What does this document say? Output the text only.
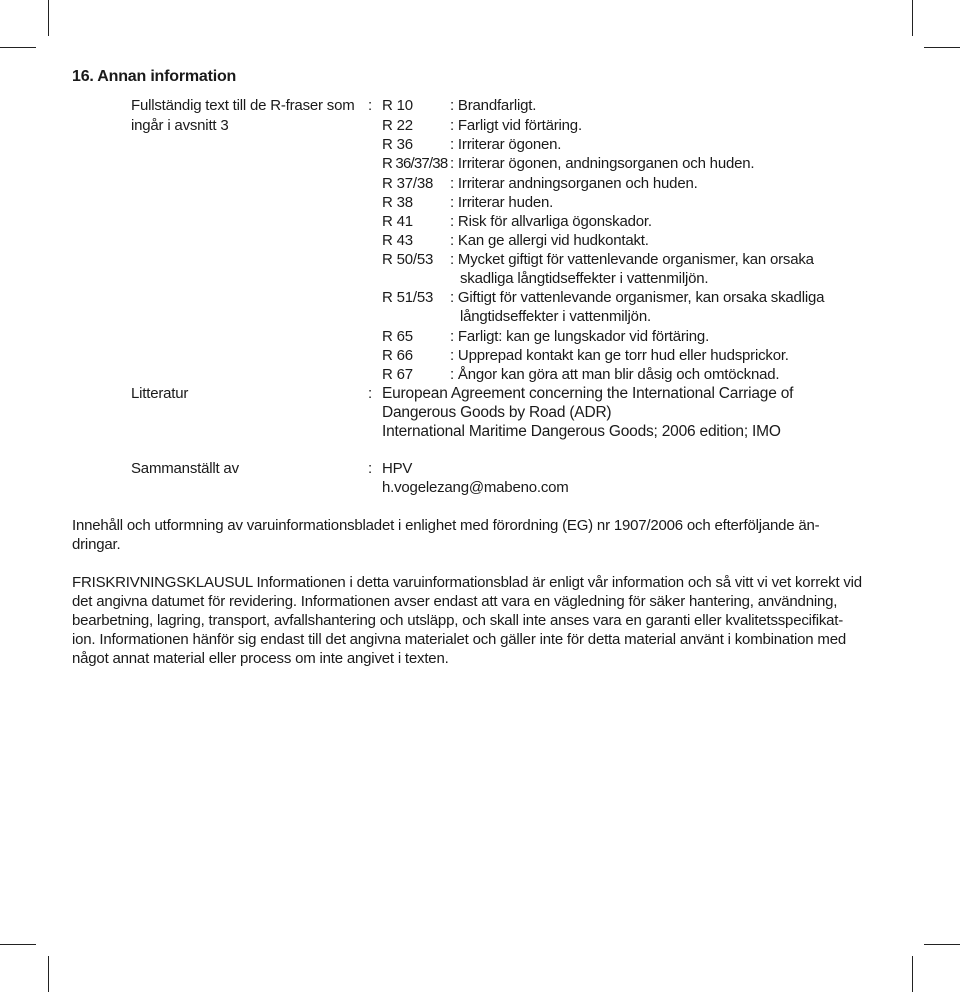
16. Annan information
Fullständig text till de R-fraser som
ingår i avsnitt 3
: R 10 : Brandfarligt.
R 22 : Farligt vid förtäring.
R 36 : Irriterar ögonen.
R 36/37/38 : Irriterar ögonen, andningsorganen och huden.
R 37/38 : Irriterar andningsorganen och huden.
R 38 : Irriterar huden.
R 41 : Risk för allvarliga ögonskador.
R 43 : Kan ge allergi vid hudkontakt.
R 50/53 : Mycket giftigt för vattenlevande organismer, kan orsaka
skadliga långtidseffekter i vattenmiljön.
R 51/53 : Giftigt för vattenlevande organismer, kan orsaka skadliga
långtidseffekter i vattenmiljön.
R 65 : Farligt: kan ge lungskador vid förtäring.
R 66 : Upprepad kontakt kan ge torr hud eller hudsprickor.
R 67 : Ångor kan göra att man blir dåsig och omtöcknad.
Litteratur	: European Agreement concerning the International Carriage of
Dangerous Goods by Road (ADR)
International Maritime Dangerous Goods; 2006 edition; IMO
Sammanställt av	: HPV
h.vogelezang@mabeno.com
Innehåll och utformning av varuinformationsbladet i enlighet med förordning (EG) nr 1907/2006 och efterföljande än-
dringar.
FRISKRIVNINGSKLAUSUL Informationen i detta varuinformationsblad är enligt vår information och så vitt vi vet korrekt vid
det angivna datumet för revidering. Informationen avser endast att vara en vägledning för säker hantering, användning,
bearbetning, lagring, transport, avfallshantering och utsläpp, och skall inte anses vara en garanti eller kvalitetsspecifikat-
ion. Informationen hänför sig endast till det angivna materialet och gäller inte för detta material använt i kombination med
något annat material eller process om inte angivet i texten.
